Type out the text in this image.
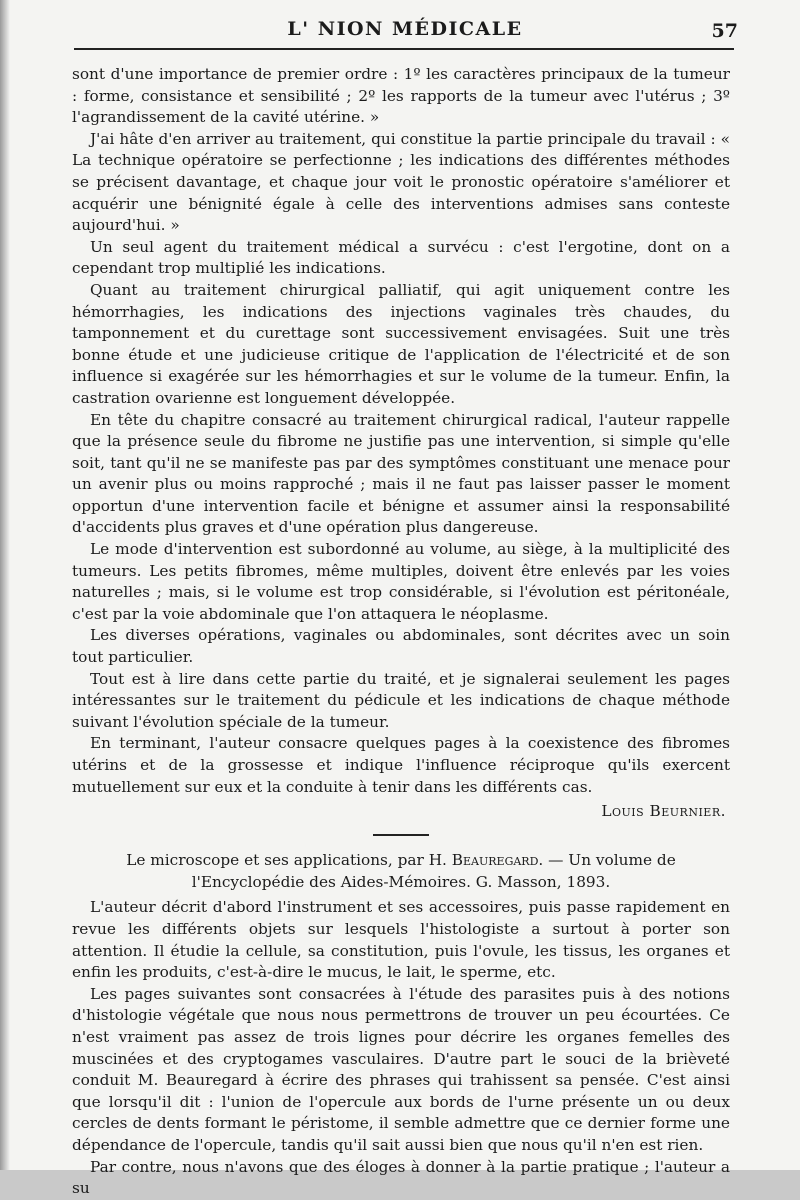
L' NION MÉDICALE	57

sont d'une importance de premier ordre : 1º les caractères principaux de la tumeur : forme, consistance et sensibilité ; 2º les rapports de la tumeur avec l'utérus ; 3º l'agrandissement de la cavité utérine. »

J'ai hâte d'en arriver au traitement, qui constitue la partie principale du travail : « La technique opératoire se perfectionne ; les indications des différentes méthodes se précisent davantage, et chaque jour voit le pronostic opératoire s'améliorer et acquérir une bénignité égale à celle des interventions admises sans conteste aujourd'hui. »

Un seul agent du traitement médical a survécu : c'est l'ergotine, dont on a cependant trop multiplié les indications.

Quant au traitement chirurgical palliatif, qui agit uniquement contre les hémorrhagies, les indications des injections vaginales très chaudes, du tamponnement et du curettage sont successivement envisagées. Suit une très bonne étude et une judicieuse critique de l'application de l'électricité et de son influence si exagérée sur les hémorrhagies et sur le volume de la tumeur. Enfin, la castration ovarienne est longuement développée.

En tête du chapitre consacré au traitement chirurgical radical, l'auteur rappelle que la présence seule du fibrome ne justifie pas une intervention, si simple qu'elle soit, tant qu'il ne se manifeste pas par des symptômes constituant une menace pour un avenir plus ou moins rapproché ; mais il ne faut pas laisser passer le moment opportun d'une intervention facile et bénigne et assumer ainsi la responsabilité d'accidents plus graves et d'une opération plus dangereuse.

Le mode d'intervention est subordonné au volume, au siège, à la multiplicité des tumeurs. Les petits fibromes, même multiples, doivent être enlevés par les voies naturelles ; mais, si le volume est trop considérable, si l'évolution est péritonéale, c'est par la voie abdominale que l'on attaquera le néoplasme.

Les diverses opérations, vaginales ou abdominales, sont décrites avec un soin tout particulier.

Tout est à lire dans cette partie du traité, et je signalerai seulement les pages intéressantes sur le traitement du pédicule et les indications de chaque méthode suivant l'évolution spéciale de la tumeur.

En terminant, l'auteur consacre quelques pages à la coexistence des fibromes utérins et de la grossesse et indique l'influence réciproque qu'ils exercent mutuellement sur eux et la conduite à tenir dans les différents cas.

Louis Beurnier.
Le microscope et ses applications, par H. Beauregard. — Un volume de l'Encyclopédie des Aides-Mémoires. G. Masson, 1893.

L'auteur décrit d'abord l'instrument et ses accessoires, puis passe rapidement en revue les différents objets sur lesquels l'histologiste a surtout à porter son attention. Il étudie la cellule, sa constitution, puis l'ovule, les tissus, les organes et enfin les produits, c'est-à-dire le mucus, le lait, le sperme, etc.

Les pages suivantes sont consacrées à l'étude des parasites puis à des notions d'histologie végétale que nous nous permettrons de trouver un peu écourtées. Ce n'est vraiment pas assez de trois lignes pour décrire les organes femelles des muscinées et des cryptogames vasculaires. D'autre part le souci de la brièveté conduit M. Beauregard à écrire des phrases qui trahissent sa pensée. C'est ainsi que lorsqu'il dit : l'union de l'opercule aux bords de l'urne présente un ou deux cercles de dents formant le péristome, il semble admettre que ce dernier forme une dépendance de l'opercule, tandis qu'il sait aussi bien que nous qu'il n'en est rien.

Par contre, nous n'avons que des éloges à donner à la partie pratique ; l'auteur a su
